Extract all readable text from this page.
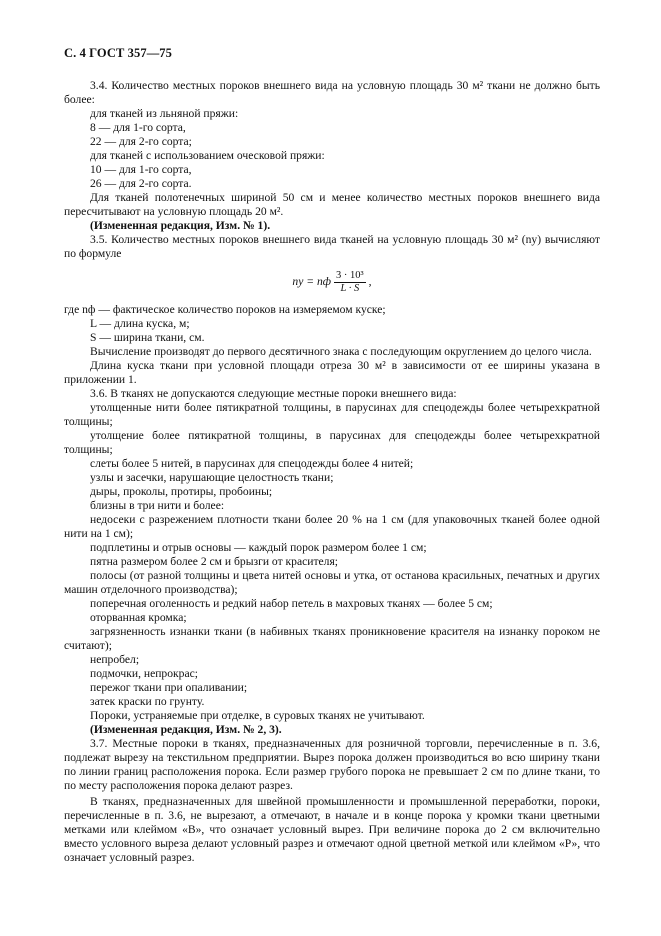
С. 4 ГОСТ 357—75

3.4. Количество местных пороков внешнего вида на условную площадь 30 м² ткани не должно быть более:

для тканей из льняной пряжи:

8 — для 1-го сорта,

22 — для 2-го сорта;

для тканей с использованием оческовой пряжи:

10 — для 1-го сорта,

26 — для 2-го сорта.

Для тканей полотенечных шириной 50 см и менее количество местных пороков внешнего вида пересчитывают на условную площадь 20 м².

(Измененная редакция, Изм. № 1).

3.5. Количество местных пороков внешнего вида тканей на условную площадь 30 м² (nу) вычисляют по формуле

nу = nф $\frac{\text{3 · 10³}}{L \cdot S}$ ,

где nф — фактическое количество пороков на измеряемом куске;

L — длина куска, м;

S — ширина ткани, см.

Вычисление производят до первого десятичного знака с последующим округлением до целого числа.

Длина куска ткани при условной площади отреза 30 м² в зависимости от ее ширины указана в приложении 1.

3.6. В тканях не допускаются следующие местные пороки внешнего вида:

утолщенные нити более пятикратной толщины, в парусинах для спецодежды более четырехкратной толщины;

утолщение более пятикратной толщины, в парусинах для спецодежды более четырехкратной толщины;

слеты более 5 нитей, в парусинах для спецодежды более 4 нитей;

узлы и засечки, нарушающие целостность ткани;

дыры, проколы, протиры, пробоины;

близны в три нити и более:

недосеки с разрежением плотности ткани более 20 % на 1 см (для упаковочных тканей более одной нити на 1 см);

подплетины и отрыв основы — каждый порок размером более 1 см;

пятна размером более 2 см и брызги от красителя;

полосы (от разной толщины и цвета нитей основы и утка, от останова красильных, печатных и других машин отделочного производства);

поперечная оголенность и редкий набор петель в махровых тканях — более 5 см;

оторванная кромка;

загрязненность изнанки ткани (в набивных тканях проникновение красителя на изнанку пороком не считают);

непробел;

подмочки, непрокрас;

пережог ткани при опаливании;

затек краски по грунту.

Пороки, устраняемые при отделке, в суровых тканях не учитывают.

(Измененная редакция, Изм. № 2, 3).

3.7. Местные пороки в тканях, предназначенных для розничной торговли, перечисленные в п. 3.6, подлежат вырезу на текстильном предприятии. Вырез порока должен производиться во всю ширину ткани по линии границ расположения порока. Если размер грубого порока не превышает 2 см по длине ткани, то по месту расположения порока делают разрез.

В тканях, предназначенных для швейной промышленности и промышленной переработки, пороки, перечисленные в п. 3.6, не вырезают, а отмечают, в начале и в конце порока у кромки ткани цветными метками или клеймом «В», что означает условный вырез. При величине порока до 2 см включительно вместо условного выреза делают условный разрез и отмечают одной цветной меткой или клеймом «Р», что означает условный разрез.
